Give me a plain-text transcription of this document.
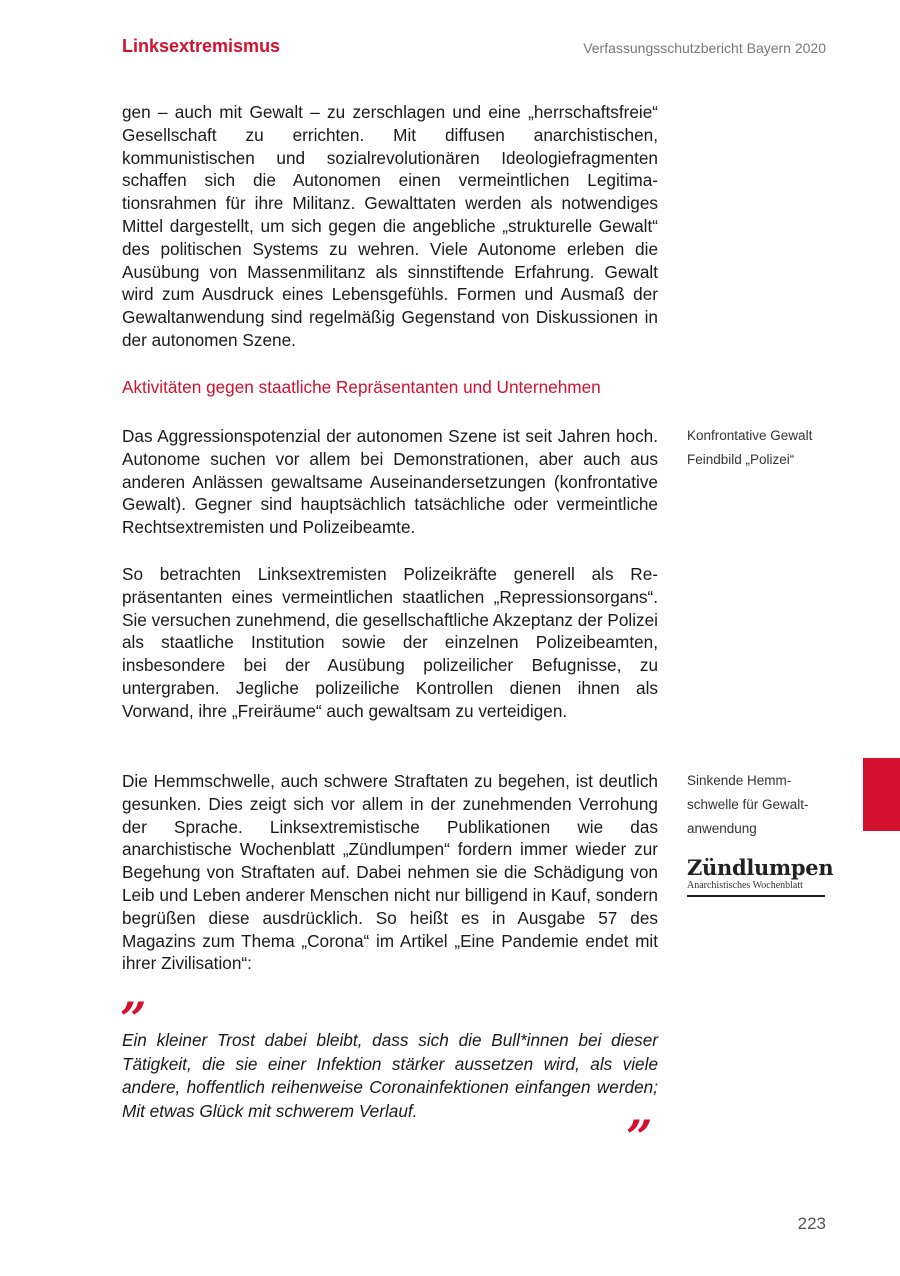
Linksextremismus	Verfassungsschutzbericht Bayern 2020

gen – auch mit Gewalt – zu zerschlagen und eine „herrschaftsfreie“ Gesellschaft zu errichten. Mit diffusen anarchistischen, kommunistischen und sozialrevolutionären Ideologiefragmenten schaffen sich die Autonomen einen vermeintlichen Legitimationsrahmen für ihre Militanz. Gewalttaten werden als notwendiges Mittel dargestellt, um sich gegen die angebliche „strukturelle Gewalt“ des politischen Systems zu wehren. Viele Autonome erleben die Ausübung von Massenmilitanz als sinnstiftende Erfahrung. Gewalt wird zum Ausdruck eines Lebensgefühls. Formen und Ausmaß der Gewaltanwendung sind regelmäßig Gegenstand von Diskussionen in der autonomen Szene.

Aktivitäten gegen staatliche Repräsentanten und Unternehmen

Das Aggressionspotenzial der autonomen Szene ist seit Jahren hoch. Autonome suchen vor allem bei Demonstrationen, aber auch aus anderen Anlässen gewaltsame Auseinandersetzungen (konfrontative Gewalt). Gegner sind hauptsächlich tatsächliche oder vermeintliche Rechtsextremisten und Polizeibeamte.

So betrachten Linksextremisten Polizeikräfte generell als Repräsentanten eines vermeintlichen staatlichen „Repressionsorgans“. Sie versuchen zunehmend, die gesellschaftliche Akzeptanz der Polizei als staatliche Institution sowie der einzelnen Polizeibeamten, insbesondere bei der Ausübung polizeilicher Befugnisse, zu untergraben. Jegliche polizeiliche Kontrollen dienen ihnen als Vorwand, ihre „Freiräume“ auch gewaltsam zu verteidigen.

Die Hemmschwelle, auch schwere Straftaten zu begehen, ist deutlich gesunken. Dies zeigt sich vor allem in der zunehmenden Verrohung der Sprache. Linksextremistische Publikationen wie das anarchistische Wochenblatt „Zündlumpen“ fordern immer wieder zur Begehung von Straftaten auf. Dabei nehmen sie die Schädigung von Leib und Leben anderer Menschen nicht nur billigend in Kauf, sondern begrüßen diese ausdrücklich. So heißt es in Ausgabe 57 des Magazins zum Thema „Corona“ im Artikel „Eine Pandemie endet mit ihrer Zivilisation“:

”
Ein kleiner Trost dabei bleibt, dass sich die Bull*innen bei dieser Tätigkeit, die sie einer Infektion stärker aussetzen wird, als viele andere, hoffentlich reihenweise Coronainfektionen einfangen werden; Mit etwas Glück mit schwerem Verlauf.	”
Konfrontative Gewalt
Feindbild „Polizei“
Sinkende Hemm-
schwelle für Gewalt-
anwendung
Zündlumpen
Anarchistisches Wochenblatt
223
